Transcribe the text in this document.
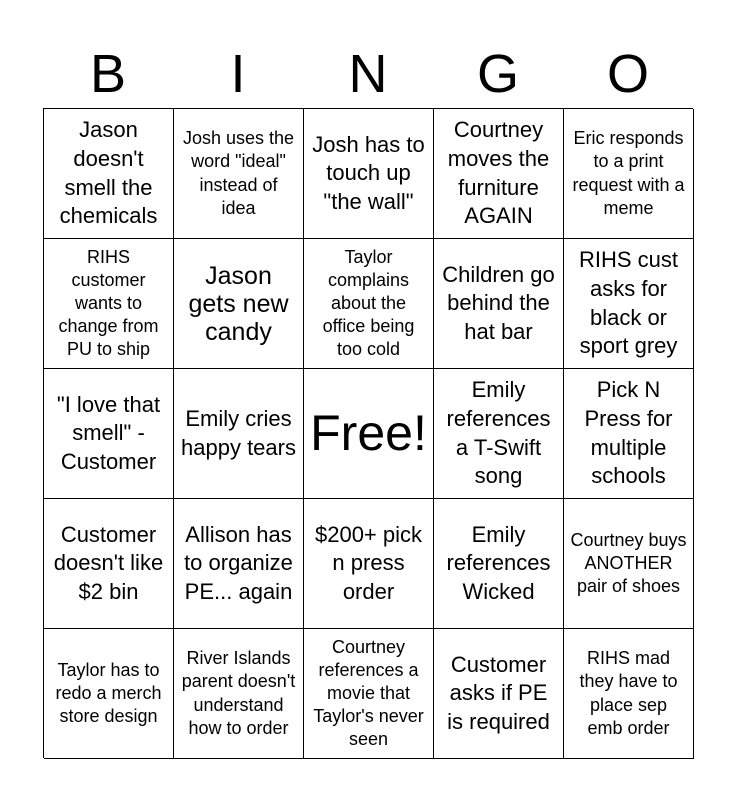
B	I	N	G	O
Jason doesn't smell the chemicals
Josh uses the word "ideal" instead of idea
Josh has to touch up "the wall"
Courtney moves the furniture AGAIN
Eric responds to a print request with a meme
RIHS customer wants to change from PU to ship
Jason gets new candy
Taylor complains about the office being too cold
Children go behind the hat bar
RIHS cust asks for black or sport grey
"I love that smell" - Customer
Emily cries happy tears Free!
Emily references a T-Swift song
Pick N Press for multiple schools
Customer doesn't like $2 bin
Allison has to organize PE... again
$200+ pick n press order
Emily references Wicked
Courtney buys ANOTHER pair of shoes
Taylor has to redo a merch store design
River Islands parent doesn't understand how to order
Courtney references a movie that Taylor's never seen
Customer asks if PE is required
RIHS mad they have to place sep emb order
